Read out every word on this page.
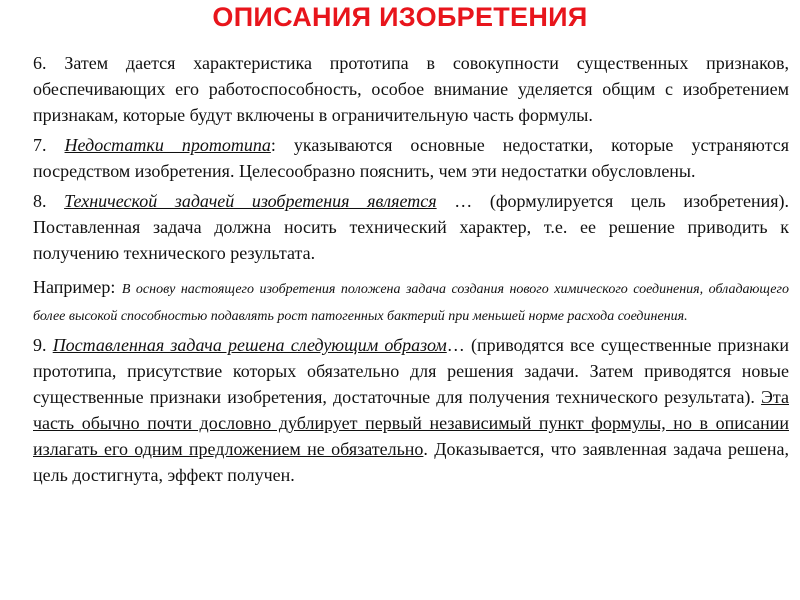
ОПИСАНИЯ ИЗОБРЕТЕНИЯ

6. Затем дается характеристика прототипа в совокупности существенных признаков, обеспечивающих его работоспособность, особое внимание уделяется общим с изобретением признакам, которые будут включены в ограничительную часть формулы.

7. Недостатки прототипа: указываются основные недостатки, которые устраняются посредством изобретения. Целесообразно пояснить, чем эти недостатки обусловлены.

8. Технической задачей изобретения является … (формулируется цель изобретения). Поставленная задача должна носить технический характер, т.е. ее решение приводить к получению технического результата.

Например: В основу настоящего изобретения положена задача создания нового химического соединения, обладающего более высокой способностью подавлять рост патогенных бактерий при меньшей норме расхода соединения.

9. Поставленная задача решена следующим образом… (приводятся все существенные признаки прототипа, присутствие которых обязательно для решения задачи. Затем приводятся новые существенные признаки изобретения, достаточные для получения технического результата). Эта часть обычно почти дословно дублирует первый независимый пункт формулы, но в описании излагать его одним предложением не обязательно. Доказывается, что заявленная задача решена, цель достигнута, эффект получен.
